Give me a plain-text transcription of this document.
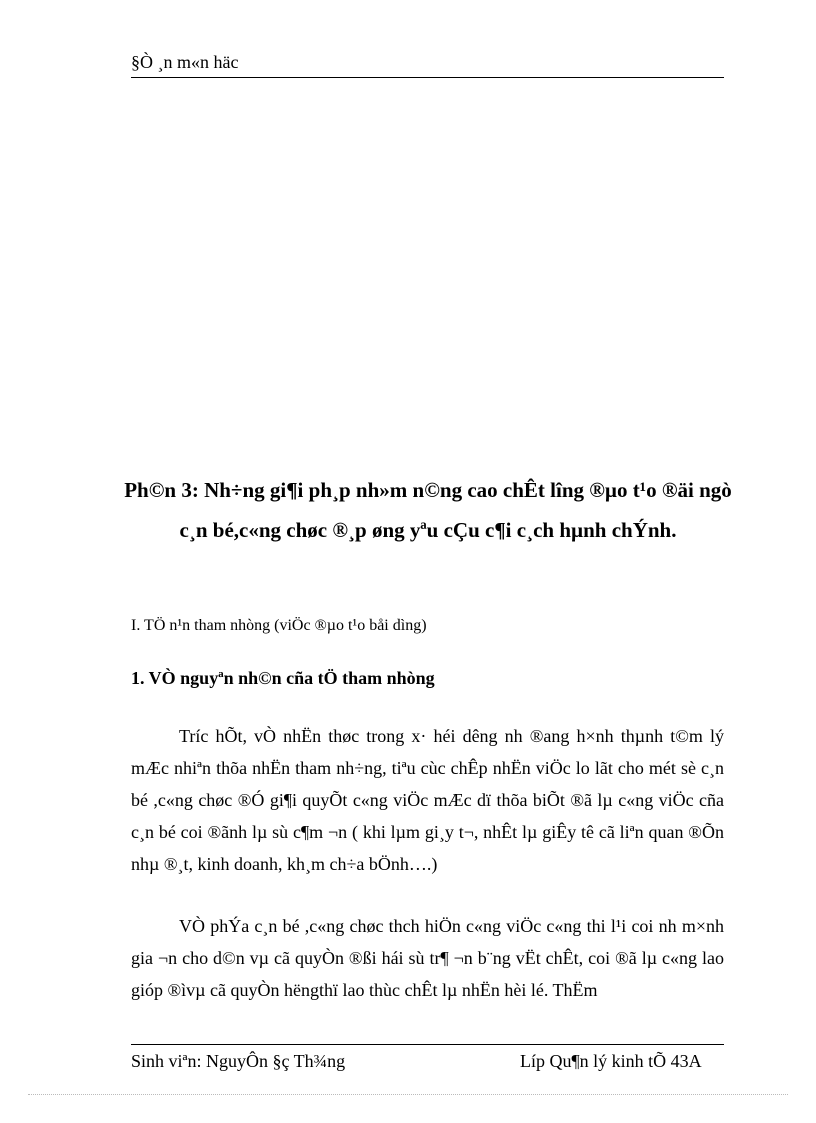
§Ò ¸n m«n häc
Ph©n 3: Nh÷ng gi¶i ph¸p nh»m n©ng cao chÊt lîng ®µo t¹o ®äi ngò c¸n bé,c«ng chøc ®¸p øng yªu cÇu c¶i c¸ch hµnh chÝnh.
I. TÖ n¹n tham nhòng (viÖc ®µo t¹o båi dìng)
1. VÒ nguyªn nh©n cña tÖ tham nhòng
Tríc hÕt, vÒ nhËn thøc trong x· héi dêng nh ®ang h×nh thµnh t©m lý mÆc nhiªn thõa nhËn tham nh÷ng, tiªu cùc chÊp nhËn viÖc lo lãt cho mét sè c¸n bé ,c«ng chøc ®Ó gi¶i quyÕt c«ng viÖc mÆc dï thõa biÕt ®ã lµ c«ng viÖc cña c¸n bé coi ®ãnh lµ sù c¶m ¬n ( khi lµm gi¸y t¬, nhÊt lµ giÊy tê cã liªn quan ®Õn nhµ ®¸t, kinh doanh, kh¸m ch÷a bÖnh….)
VÒ phÝa c¸n bé ,c«ng chøc thch hiÖn c«ng viÖc c«ng thi l¹i coi nh m×nh gia ¬n cho d©n vµ cã quyÒn ®ßi hái sù tr¶ ¬n b¨ng vËt chÊt, coi ®ã lµ c«ng lao gióp ®ìvµ cã quyÒn hëngthï lao thùc chÊt lµ nhËn hèi lé. ThËm
Sinh viªn: NguyÔn §ç Th¾ng	Líp Qu¶n lý kinh tÕ 43A
